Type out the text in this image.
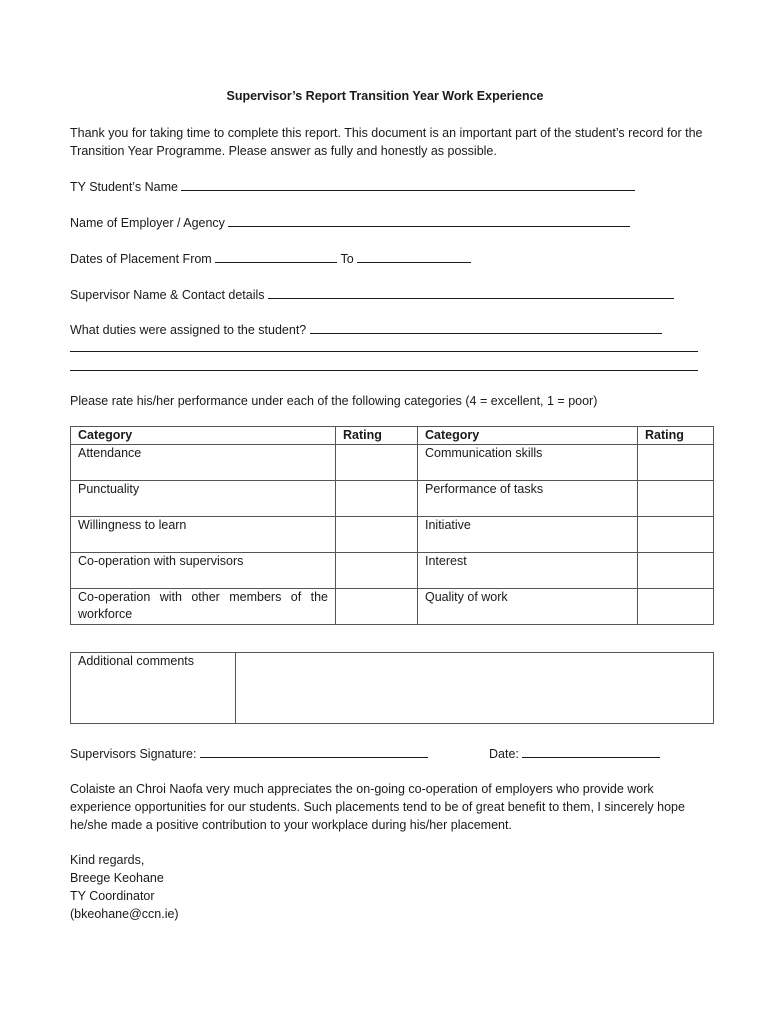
Supervisor’s Report Transition Year Work Experience
Thank you for taking time to complete this report. This document is an important part of the student’s record for the Transition Year Programme. Please answer as fully and honestly as possible.
TY Student’s Name
Name of Employer / Agency
Dates of Placement From	To
Supervisor Name & Contact details
What duties were assigned to the student?
Please rate his/her performance under each of the following categories (4 = excellent, 1 = poor)
Category	Rating	Category	Rating
Attendance		Communication skills	
Punctuality		Performance of tasks	
Willingness to learn		Initiative	
Co-operation with supervisors		Interest	
Co-operation with other members of the workforce		Quality of work	
Additional comments	
Supervisors Signature:	Date:
Colaiste an Chroi Naofa very much appreciates the on-going co-operation of employers who provide work experience opportunities for our students. Such placements tend to be of great benefit to them, I sincerely hope he/she made a positive contribution to your workplace during his/her placement.
Kind regards,
Breege Keohane
TY Coordinator
(bkeohane@ccn.ie)
